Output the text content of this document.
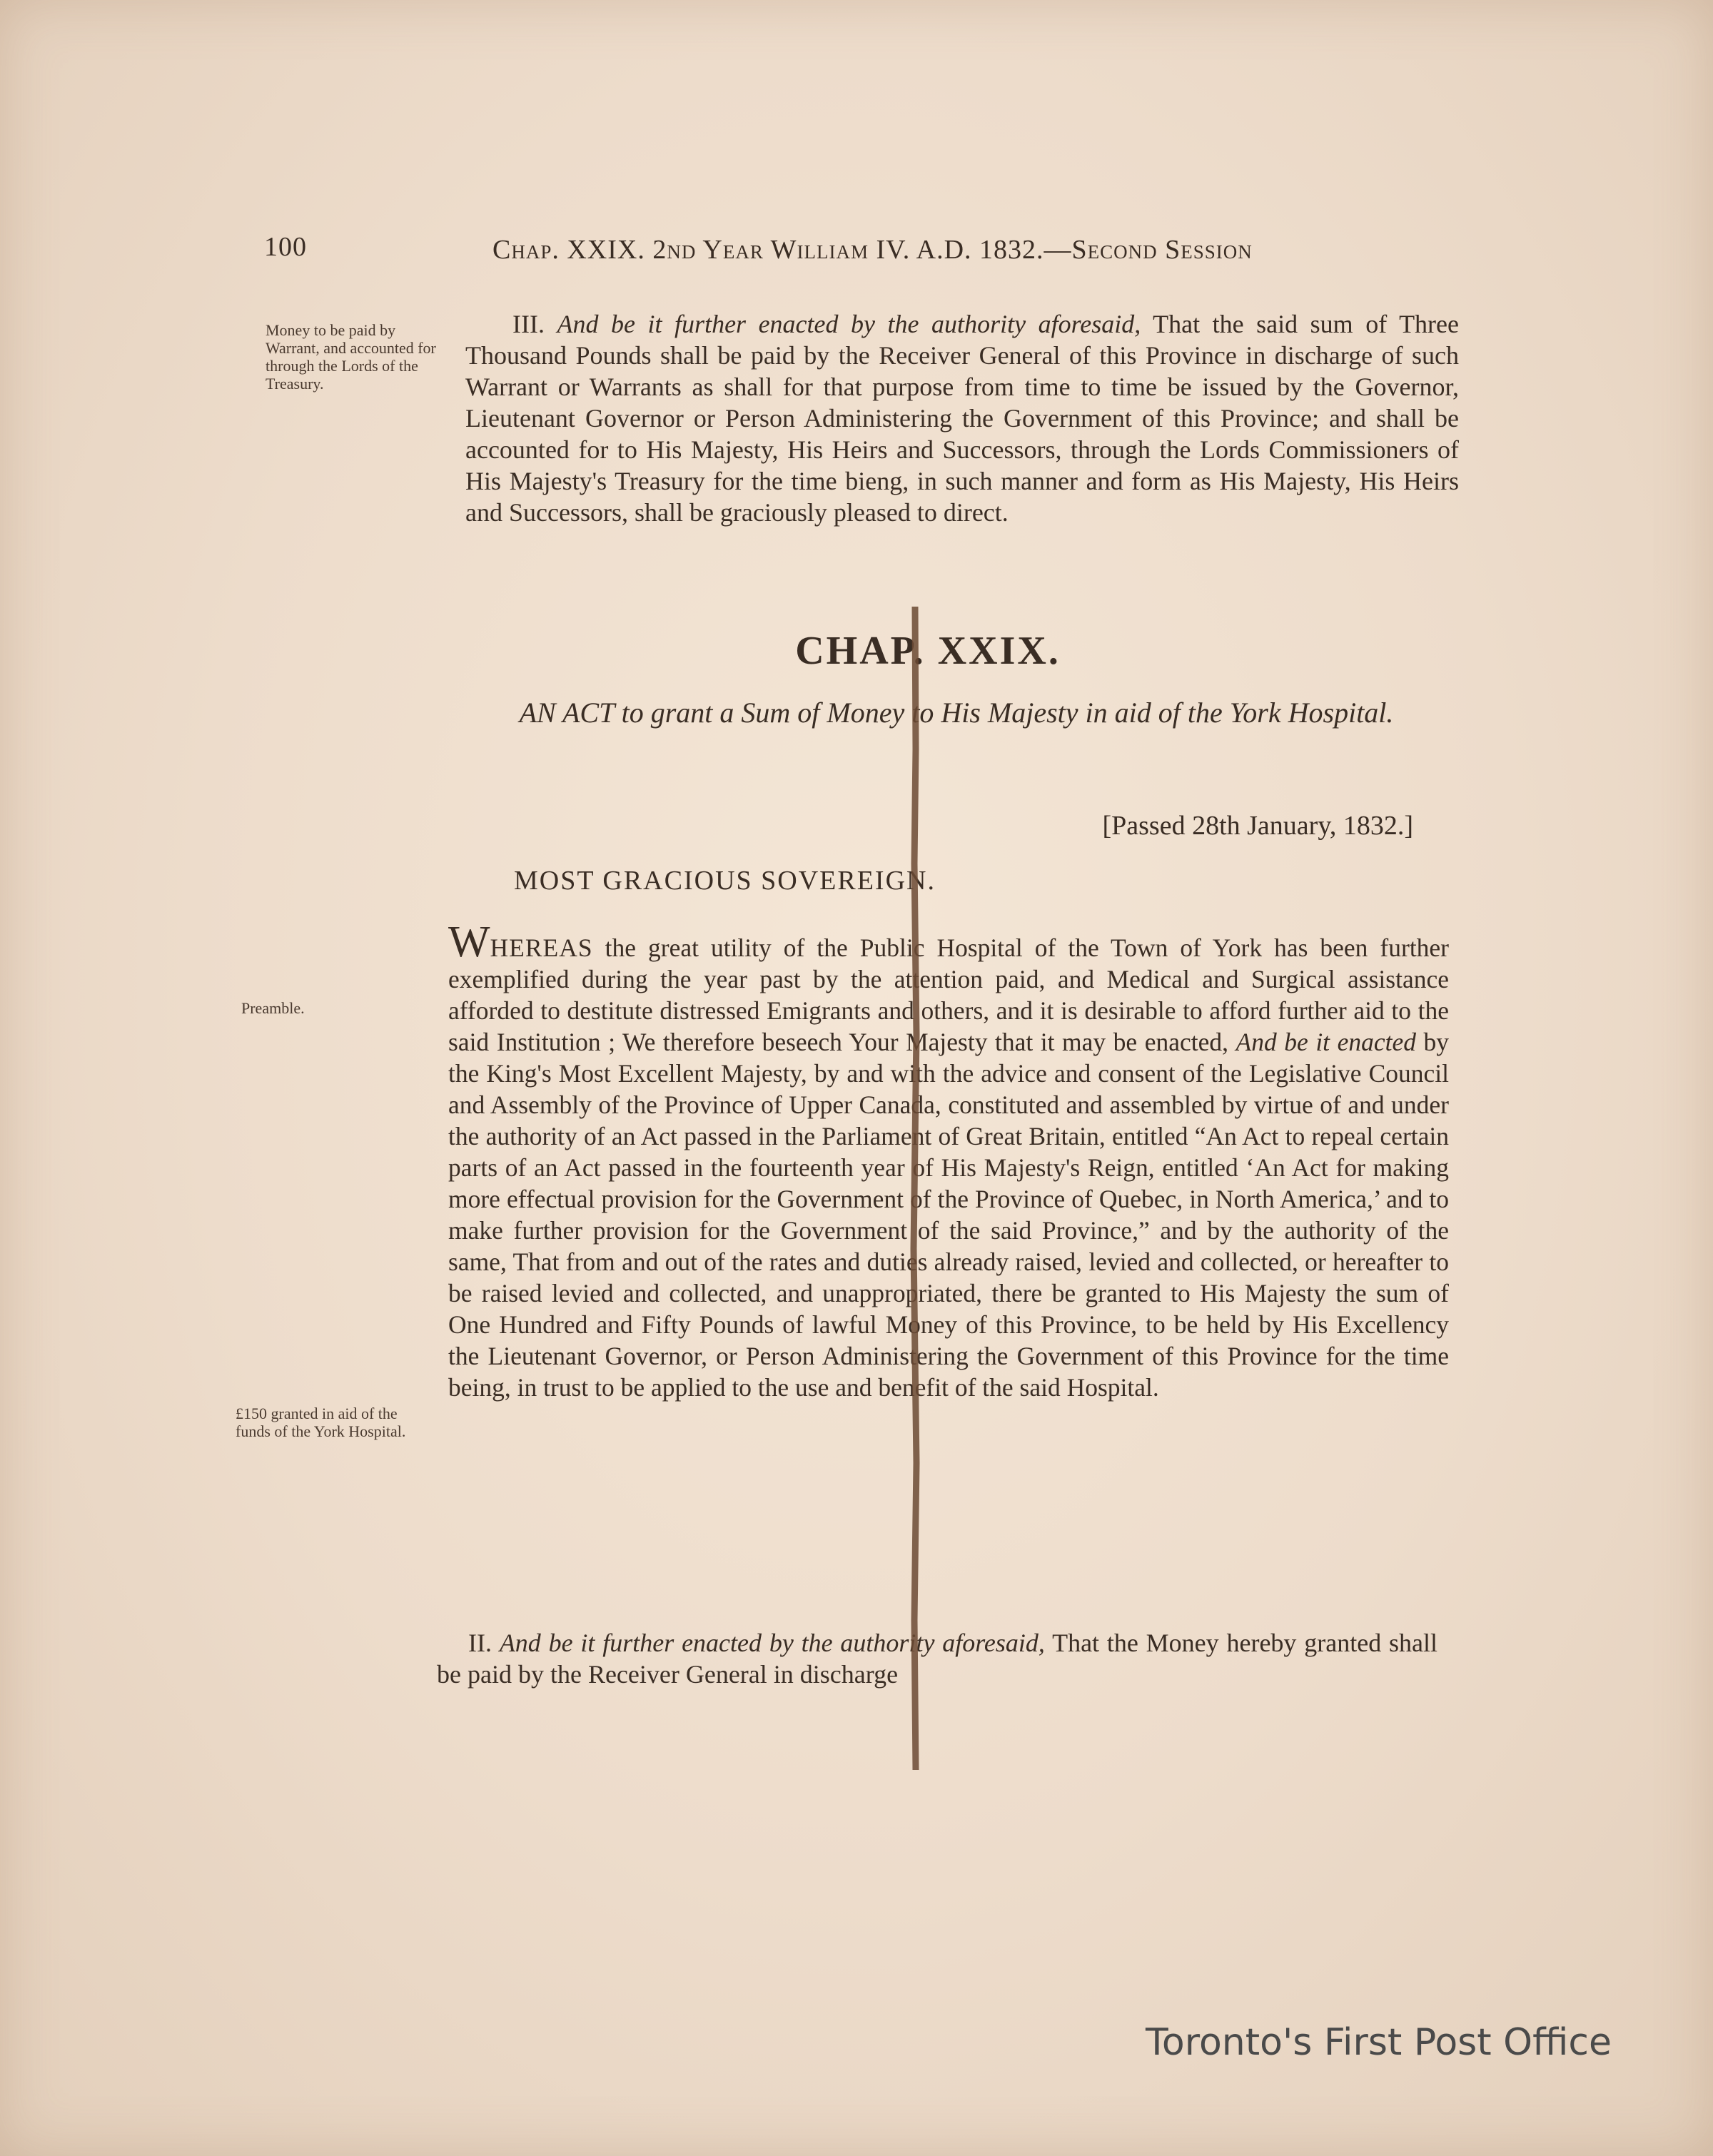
100	Chap. XXIX. 2nd Year William IV. A.D. 1832.—Second Session
Money to be paid by Warrant, and accounted for through the Lords of the Treasury.

III. And be it further enacted by the authority aforesaid, That the said sum of Three Thousand Pounds shall be paid by the Receiver General of this Province in discharge of such Warrant or Warrants as shall for that purpose from time to time be issued by the Governor, Lieutenant Governor or Person Administering the Government of this Province; and shall be accounted for to His Majesty, His Heirs and Successors, through the Lords Commissioners of His Majesty's Treasury for the time bieng, in such manner and form as His Majesty, His Heirs and Successors, shall be graciously pleased to direct.

CHAP. XXIX.
AN ACT to grant a Sum of Money to His Majesty in aid of the York Hospital.
[Passed 28th January, 1832.]
MOST GRACIOUS SOVEREIGN.
Preamble.

WHEREAS the great utility of the Public Hospital of the Town of York has been further exemplified during the year past by the attention paid, and Medical and Surgical assistance afforded to destitute distressed Emigrants and others, and it is desirable to afford further aid to the said Institution ; We therefore beseech Your Majesty that it may be enacted, And be it enacted by the King's Most Excellent Majesty, by and with the advice and consent of the Legislative Council and Assembly of the Province of Upper Canada, constituted and assembled by virtue of and under the authority of an Act passed in the Parliament of Great Britain, entitled “An Act to repeal certain parts of an Act passed in the fourteenth year of His Majesty's Reign, entitled ‘An Act for making more effectual provision for the Government of the Province of Quebec, in North America,’ and to make further provision for the Government of the said Province,” and by the authority of the same, That from and out of the rates and duties already raised, levied and collected, or hereafter to be raised levied and collected, and unappropriated, there be granted to His Majesty the sum of One Hundred and Fifty Pounds of lawful Money of this Province, to be held by His Excellency the Lieutenant Governor, or Person Administering the Government of this Province for the time being, in trust to be applied to the use and benefit of the said Hospital.

£150 granted in aid of the funds of the York Hospital.

II. And be it further enacted by the authority aforesaid, That the Money hereby granted shall be paid by the Receiver General in discharge

Toronto's First Post Office
